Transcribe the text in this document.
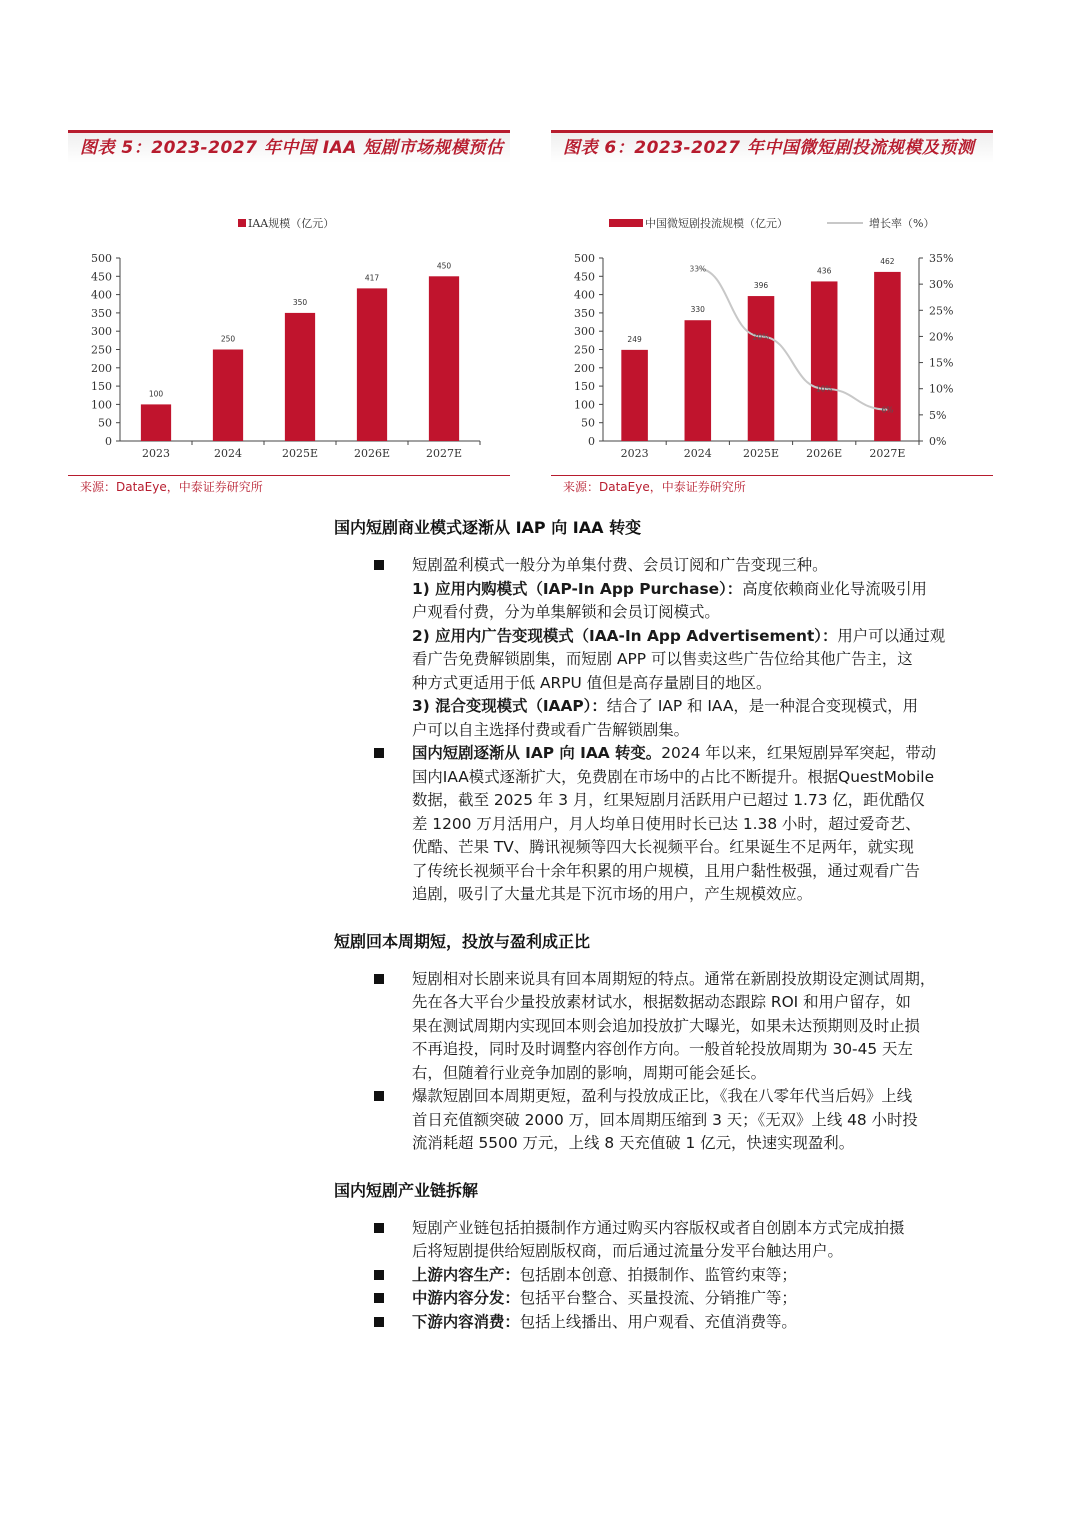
图表 5：2023-2027 年中国 IAA 短剧市场规模预估
IAA规模（亿元）
0
50
100
150
200
250
300
350
400
450
500
2023
100
2024
250
2025E
350
2026E
417
2027E
450
来源：DataEye，中泰证券研究所
图表 6：2023-2027 年中国微短剧投流规模及预测
中国微短剧投流规模（亿元）	增长率（%）
0
50
100
150
200
250
300
350
400
450
500
0%
5%
10%
15%
20%
25%
30%
35%
2023
249
2024
330
2025E
396
2026E
436
2027E
462
33%
20%
10%
6%
来源：DataEye，中泰证券研究所
国内短剧商业模式逐渐从 IAP 向 IAA 转变
短剧盈利模式一般分为单集付费、会员订阅和广告变现三种。
1) 应用内购模式（IAP-In App Purchase）：高度依赖商业化导流吸引用
户观看付费，分为单集解锁和会员订阅模式。
2) 应用内广告变现模式（IAA-In App Advertisement）：用户可以通过观
看广告免费解锁剧集，而短剧 APP 可以售卖这些广告位给其他广告主，这
种方式更适用于低 ARPU 值但是高存量剧目的地区。
3) 混合变现模式（IAAP）：结合了 IAP 和 IAA，是一种混合变现模式，用
户可以自主选择付费或看广告解锁剧集。
国内短剧逐渐从 IAP 向 IAA 转变。2024 年以来，红果短剧异军突起，带动
国内IAA模式逐渐扩大，免费剧在市场中的占比不断提升。根据QuestMobile
数据，截至 2025 年 3 月，红果短剧月活跃用户已超过 1.73 亿，距优酷仅
差 1200 万月活用户，月人均单日使用时长已达 1.38 小时，超过爱奇艺、
优酷、芒果 TV、腾讯视频等四大长视频平台。红果诞生不足两年，就实现
了传统长视频平台十余年积累的用户规模，且用户黏性极强，通过观看广告
追剧，吸引了大量尤其是下沉市场的用户，产生规模效应。
短剧回本周期短，投放与盈利成正比
短剧相对长剧来说具有回本周期短的特点。通常在新剧投放期设定测试周期，
先在各大平台少量投放素材试水，根据数据动态跟踪 ROI 和用户留存，如
果在测试周期内实现回本则会追加投放扩大曝光，如果未达预期则及时止损
不再追投，同时及时调整内容创作方向。一般首轮投放周期为 30-45 天左
右，但随着行业竞争加剧的影响，周期可能会延长。
爆款短剧回本周期更短，盈利与投放成正比，《我在八零年代当后妈》上线
首日充值额突破 2000 万，回本周期压缩到 3 天；《无双》上线 48 小时投
流消耗超 5500 万元，上线 8 天充值破 1 亿元，快速实现盈利。
国内短剧产业链拆解
短剧产业链包括拍摄制作方通过购买内容版权或者自创剧本方式完成拍摄
后将短剧提供给短剧版权商，而后通过流量分发平台触达用户。
上游内容生产：包括剧本创意、拍摄制作、监管约束等；
中游内容分发：包括平台整合、买量投流、分销推广等；
下游内容消费：包括上线播出、用户观看、充值消费等。
